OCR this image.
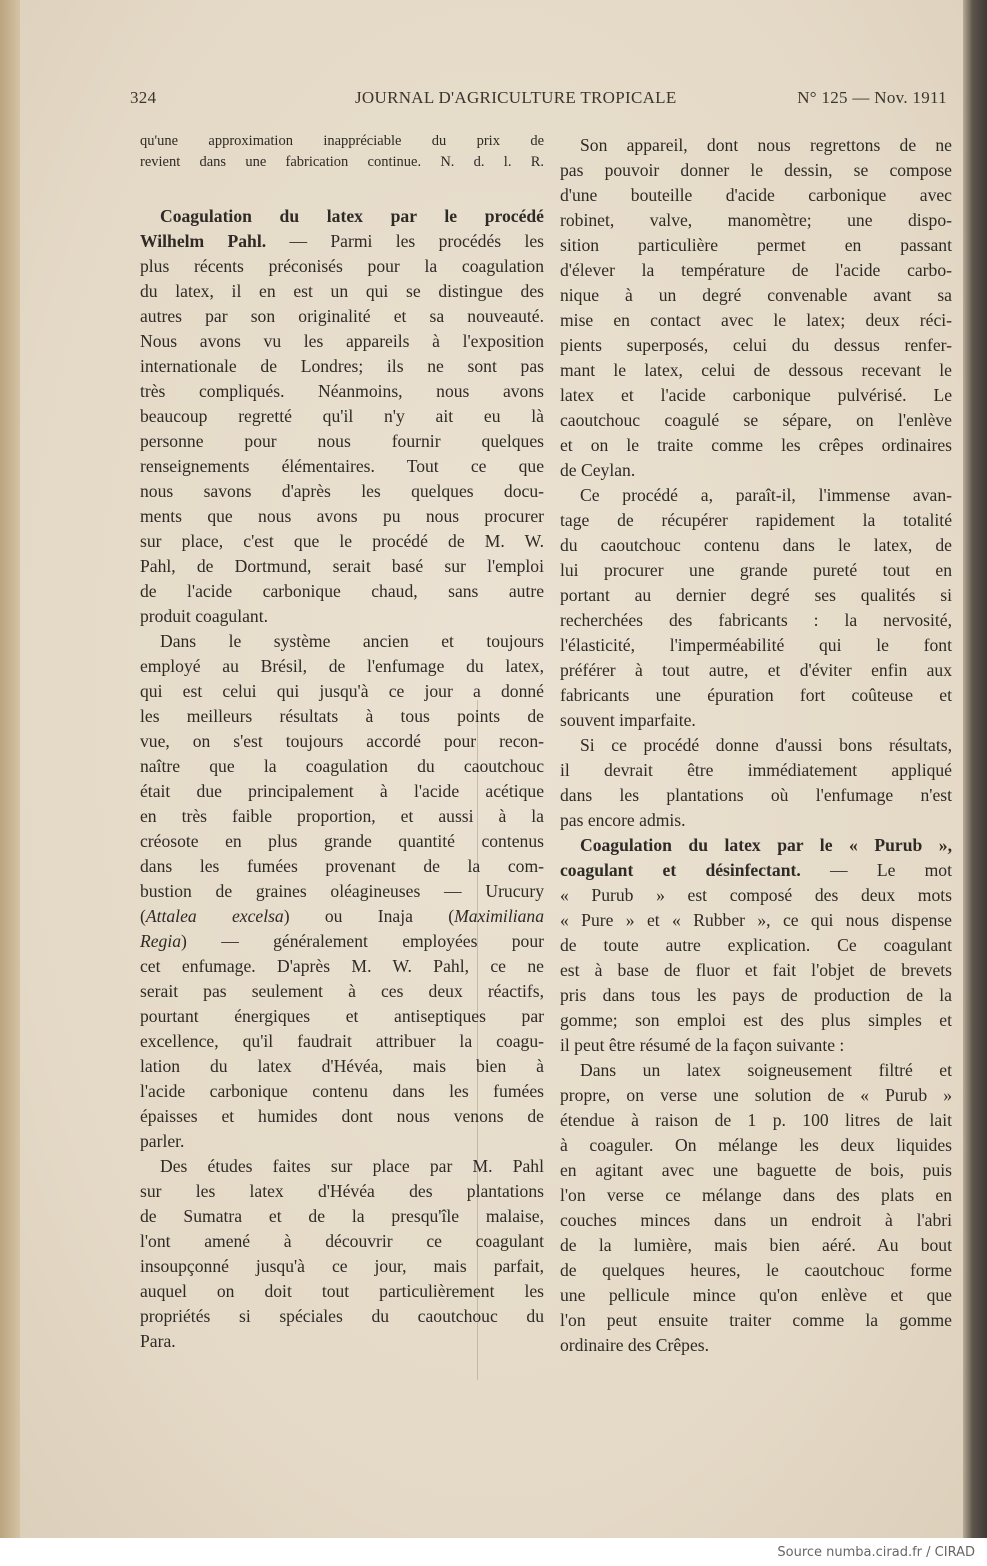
324	JOURNAL D'AGRICULTURE TROPICALE	N° 125 — Nov. 1911
qu'une approximation inappréciable du prix de
revient dans une fabrication continue. N. d. l. R.
Coagulation du latex par le procédé
Wilhelm Pahl. — Parmi les procédés les
plus récents préconisés pour la coagulation
du latex, il en est un qui se distingue des
autres par son originalité et sa nouveauté.
Nous avons vu les appareils à l'exposition
internationale de Londres; ils ne sont pas
très compliqués. Néanmoins, nous avons
beaucoup regretté qu'il n'y ait eu là
personne pour nous fournir quelques
renseignements élémentaires. Tout ce que
nous savons d'après les quelques docu-
ments que nous avons pu nous procurer
sur place, c'est que le procédé de M. W.
Pahl, de Dortmund, serait basé sur l'emploi
de l'acide carbonique chaud, sans autre
produit coagulant.
Dans le système ancien et toujours
employé au Brésil, de l'enfumage du latex,
qui est celui qui jusqu'à ce jour a donné
les meilleurs résultats à tous points de
vue, on s'est toujours accordé pour recon-
naître que la coagulation du caoutchouc
était due principalement à l'acide acétique
en très faible proportion, et aussi à la
créosote en plus grande quantité contenus
dans les fumées provenant de la com-
bustion de graines oléagineuses — Urucury
(Attalea excelsa) ou Inaja (Maximiliana
Regia) — généralement employées pour
cet enfumage. D'après M. W. Pahl, ce ne
serait pas seulement à ces deux réactifs,
pourtant énergiques et antiseptiques par
excellence, qu'il faudrait attribuer la coagu-
lation du latex d'Hévéa, mais bien à
l'acide carbonique contenu dans les fumées
épaisses et humides dont nous venons de
parler.
Des études faites sur place par M. Pahl
sur les latex d'Hévéa des plantations
de Sumatra et de la presqu'île malaise,
l'ont amené à découvrir ce coagulant
insoupçonné jusqu'à ce jour, mais parfait,
auquel on doit tout particulièrement les
propriétés si spéciales du caoutchouc du
Para.
Son appareil, dont nous regrettons de ne
pas pouvoir donner le dessin, se compose
d'une bouteille d'acide carbonique avec
robinet, valve, manomètre; une dispo-
sition particulière permet en passant
d'élever la température de l'acide carbo-
nique à un degré convenable avant sa
mise en contact avec le latex; deux réci-
pients superposés, celui du dessus renfer-
mant le latex, celui de dessous recevant le
latex et l'acide carbonique pulvérisé. Le
caoutchouc coagulé se sépare, on l'enlève
et on le traite comme les crêpes ordinaires
de Ceylan.
Ce procédé a, paraît-il, l'immense avan-
tage de récupérer rapidement la totalité
du caoutchouc contenu dans le latex, de
lui procurer une grande pureté tout en
portant au dernier degré ses qualités si
recherchées des fabricants : la nervosité,
l'élasticité, l'imperméabilité qui le font
préférer à tout autre, et d'éviter enfin aux
fabricants une épuration fort coûteuse et
souvent imparfaite.
Si ce procédé donne d'aussi bons résultats,
il devrait être immédiatement appliqué
dans les plantations où l'enfumage n'est
pas encore admis.
Coagulation du latex par le « Purub »,
coagulant et désinfectant. — Le mot
« Purub » est composé des deux mots
« Pure » et « Rubber », ce qui nous dispense
de toute autre explication. Ce coagulant
est à base de fluor et fait l'objet de brevets
pris dans tous les pays de production de la
gomme; son emploi est des plus simples et
il peut être résumé de la façon suivante :
Dans un latex soigneusement filtré et
propre, on verse une solution de « Purub »
étendue à raison de 1 p. 100 litres de lait
à coaguler. On mélange les deux liquides
en agitant avec une baguette de bois, puis
l'on verse ce mélange dans des plats en
couches minces dans un endroit à l'abri
de la lumière, mais bien aéré. Au bout
de quelques heures, le caoutchouc forme
une pellicule mince qu'on enlève et que
l'on peut ensuite traiter comme la gomme
ordinaire des Crêpes.
Source numba.cirad.fr / CIRAD
